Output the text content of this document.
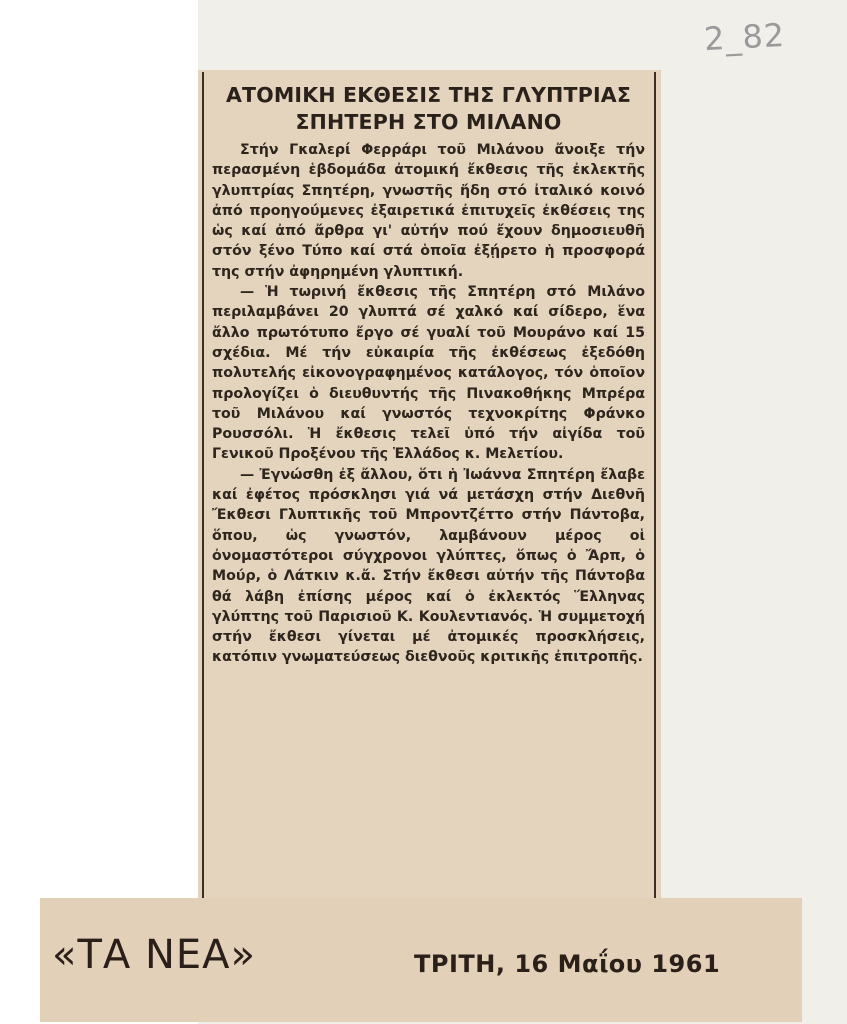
2_82
ΑΤΟΜΙΚΗ ΕΚΘΕΣΙΣ ΤΗΣ ΓΛΥΠΤΡΙΑΣ ΣΠΗΤΕΡΗ ΣΤΟ ΜΙΛΑΝΟ

Στήν Γκαλερί Φερράρι τοῦ Μιλάνου ἄνοιξε τήν περασμένη ἑβδομάδα ἀτομική ἔκθεσις τῆς ἐκλεκτῆς γλυπτρίας Σπητέρη, γνωστῆς ἤδη στό ἰταλικό κοινό ἀπό προηγούμενες ἐξαιρετικά ἐπιτυχεῖς ἐκθέσεις της ὡς καί ἀπό ἄρθρα γι' αὐτήν πού ἔχουν δημοσιευθῆ στόν ξένο Τύπο καί στά ὁποῖα ἐξῄρετο ἡ προσφορά της στήν ἀφηρημένη γλυπτική.

— Ἡ τωρινή ἔκθεσις τῆς Σπητέρη στό Μιλάνο περιλαμβάνει 20 γλυπτά σέ χαλκό καί σίδερο, ἕνα ἄλλο πρωτότυπο ἔργο σέ γυαλί τοῦ Μουράνο καί 15 σχέδια. Μέ τήν εὐκαιρία τῆς ἐκθέσεως ἐξεδόθη πολυτελής εἰκονογραφημένος κατάλογος, τόν ὁποῖον προλογίζει ὁ διευθυντής τῆς Πινακοθήκης Μπρέρα τοῦ Μιλάνου καί γνωστός τεχνοκρίτης Φράνκο Ρουσσόλι. Ἡ ἔκθεσις τελεῖ ὑπό τήν αἰγίδα τοῦ Γενικοῦ Προξένου τῆς Ἑλλάδος κ. Μελετίου.

— Ἐγνώσθη ἐξ ἄλλου, ὅτι ἡ Ἰωάννα Σπητέρη ἔλαβε καί ἐφέτος πρόσκλησι γιά νά μετάσχη στήν Διεθνῆ Ἔκθεσι Γλυπτικῆς τοῦ Μπροντζέττο στήν Πάντοβα, ὅπου, ὡς γνωστόν, λαμβάνουν μέρος οἱ ὀνομαστότεροι σύγχρονοι γλύπτες, ὅπως ὁ Ἄρπ, ὁ Μούρ, ὁ Λάτκιν κ.ἄ. Στήν ἔκθεσι αὐτήν τῆς Πάντοβα θά λάβη ἐπίσης μέρος καί ὁ ἐκλεκτός Ἕλληνας γλύπτης τοῦ Παρισιοῦ Κ. Κουλεντιανός. Ἡ συμμετοχή στήν ἔκθεσι γίνεται μέ ἀτομικές προσκλήσεις, κατόπιν γνωματεύσεως διεθνοῦς κριτικῆς ἐπιτροπῆς.

«ΤΑ ΝΕΑ»	ΤΡΙΤΗ, 16 Μαΐου 1961
